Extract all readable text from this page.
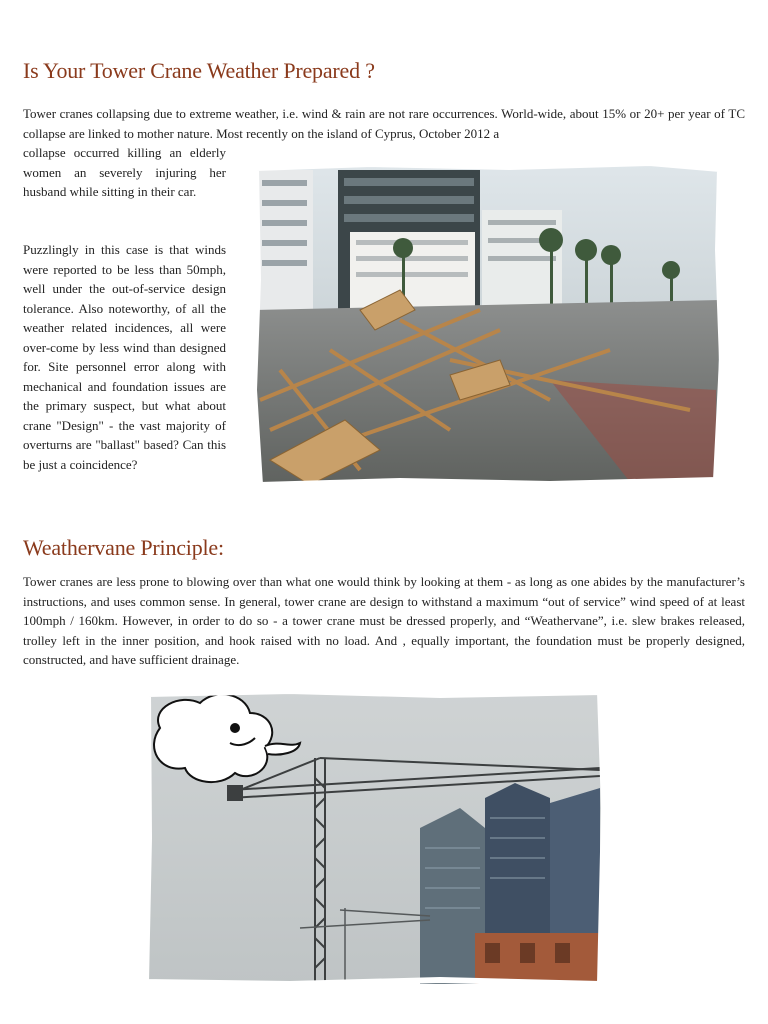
Is Your Tower Crane Weather Prepared ?

Tower cranes collapsing due to extreme weather, i.e. wind & rain are not rare occurrences. World-wide, about 15% or 20+ per year of TC collapse are linked to mother nature. Most recently on the island of Cyprus, October 2012 a

collapse occurred killing an elderly women an severely injuring her husband while sitting in their car.

Puzzlingly in this case is that winds were reported to be less than 50mph, well under the out-of-service design tolerance. Also noteworthy, of all the weather related incidences, all were over-come by less wind than designed for. Site personnel error along with mechanical and foundation issues are the primary suspect, but what about crane "Design" - the vast majority of overturns are "ballast" based? Can this be just a coincidence?

Weathervane Principle:

Tower cranes are less prone to blowing over than what one would think by looking at them - as long as one abides by the manufacturer’s instructions, and uses common sense. In general, tower crane are design to withstand a maximum “out of service” wind speed of at least 100mph / 160km. However, in order to do so - a tower crane must be dressed properly, and “Weathervane”, i.e. slew brakes released, trolley left in the inner position, and hook raised with no load. And , equally important, the foundation must be properly designed, constructed, and have sufficient drainage.
